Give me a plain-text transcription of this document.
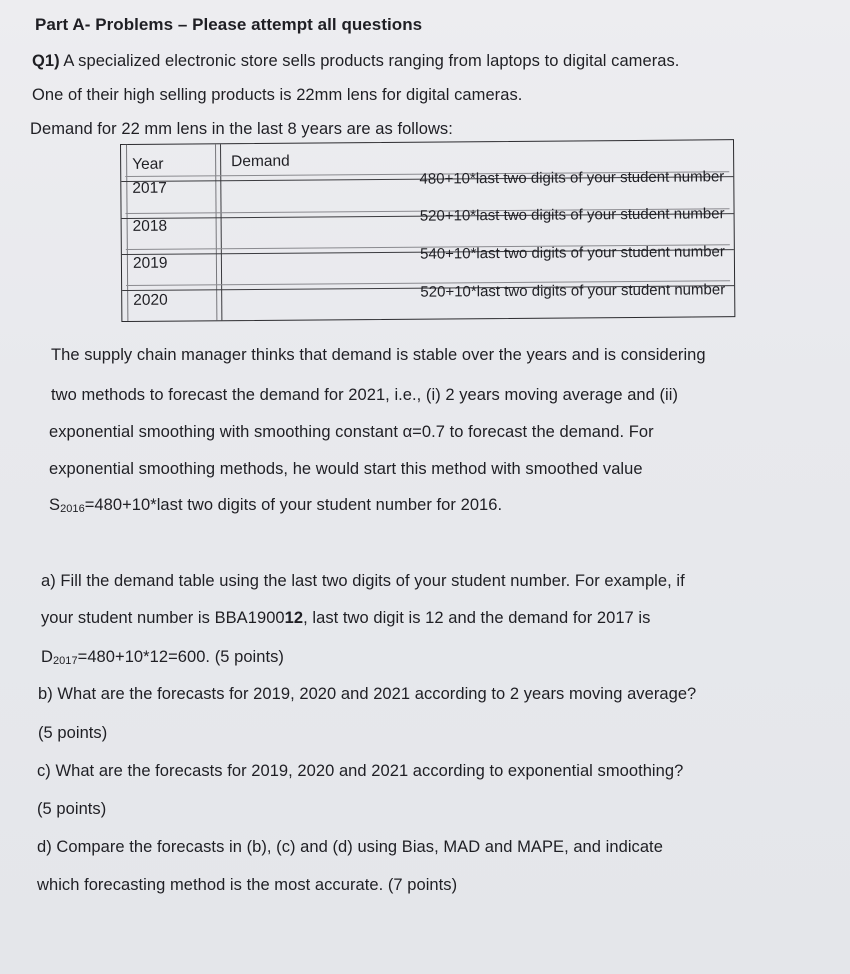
Part A- Problems – Please attempt all questions
Q1) A specialized electronic store sells products ranging from laptops to digital cameras.
One of their high selling products is 22mm lens for digital cameras.
Demand for 22 mm lens in the last 8 years are as follows:
Year	Demand
2017
480+10*last two digits of your student number
2018
520+10*last two digits of your student number
2019
540+10*last two digits of your student number
2020	520+10*last two digits of your student number
The supply chain manager thinks that demand is stable over the years and is considering
two methods to forecast the demand for 2021, i.e., (i) 2 years moving average and (ii)
exponential smoothing with smoothing constant α=0.7 to forecast the demand. For
exponential smoothing methods, he would start this method with smoothed value
$S_{2016}=480+10*last$ two digits of your student number for 2016.
a) Fill the demand table using the last two digits of your student number. For example, if
your student number is BBA190012, last two digit is 12 and the demand for 2017 is
$D_{2017}=480+10*12=600$. (5 points)
b) What are the forecasts for 2019, 2020 and 2021 according to 2 years moving average?
(5 points)
c) What are the forecasts for 2019, 2020 and 2021 according to exponential smoothing?
(5 points)
d) Compare the forecasts in (b), (c) and (d) using Bias, MAD and MAPE, and indicate
which forecasting method is the most accurate. (7 points)
